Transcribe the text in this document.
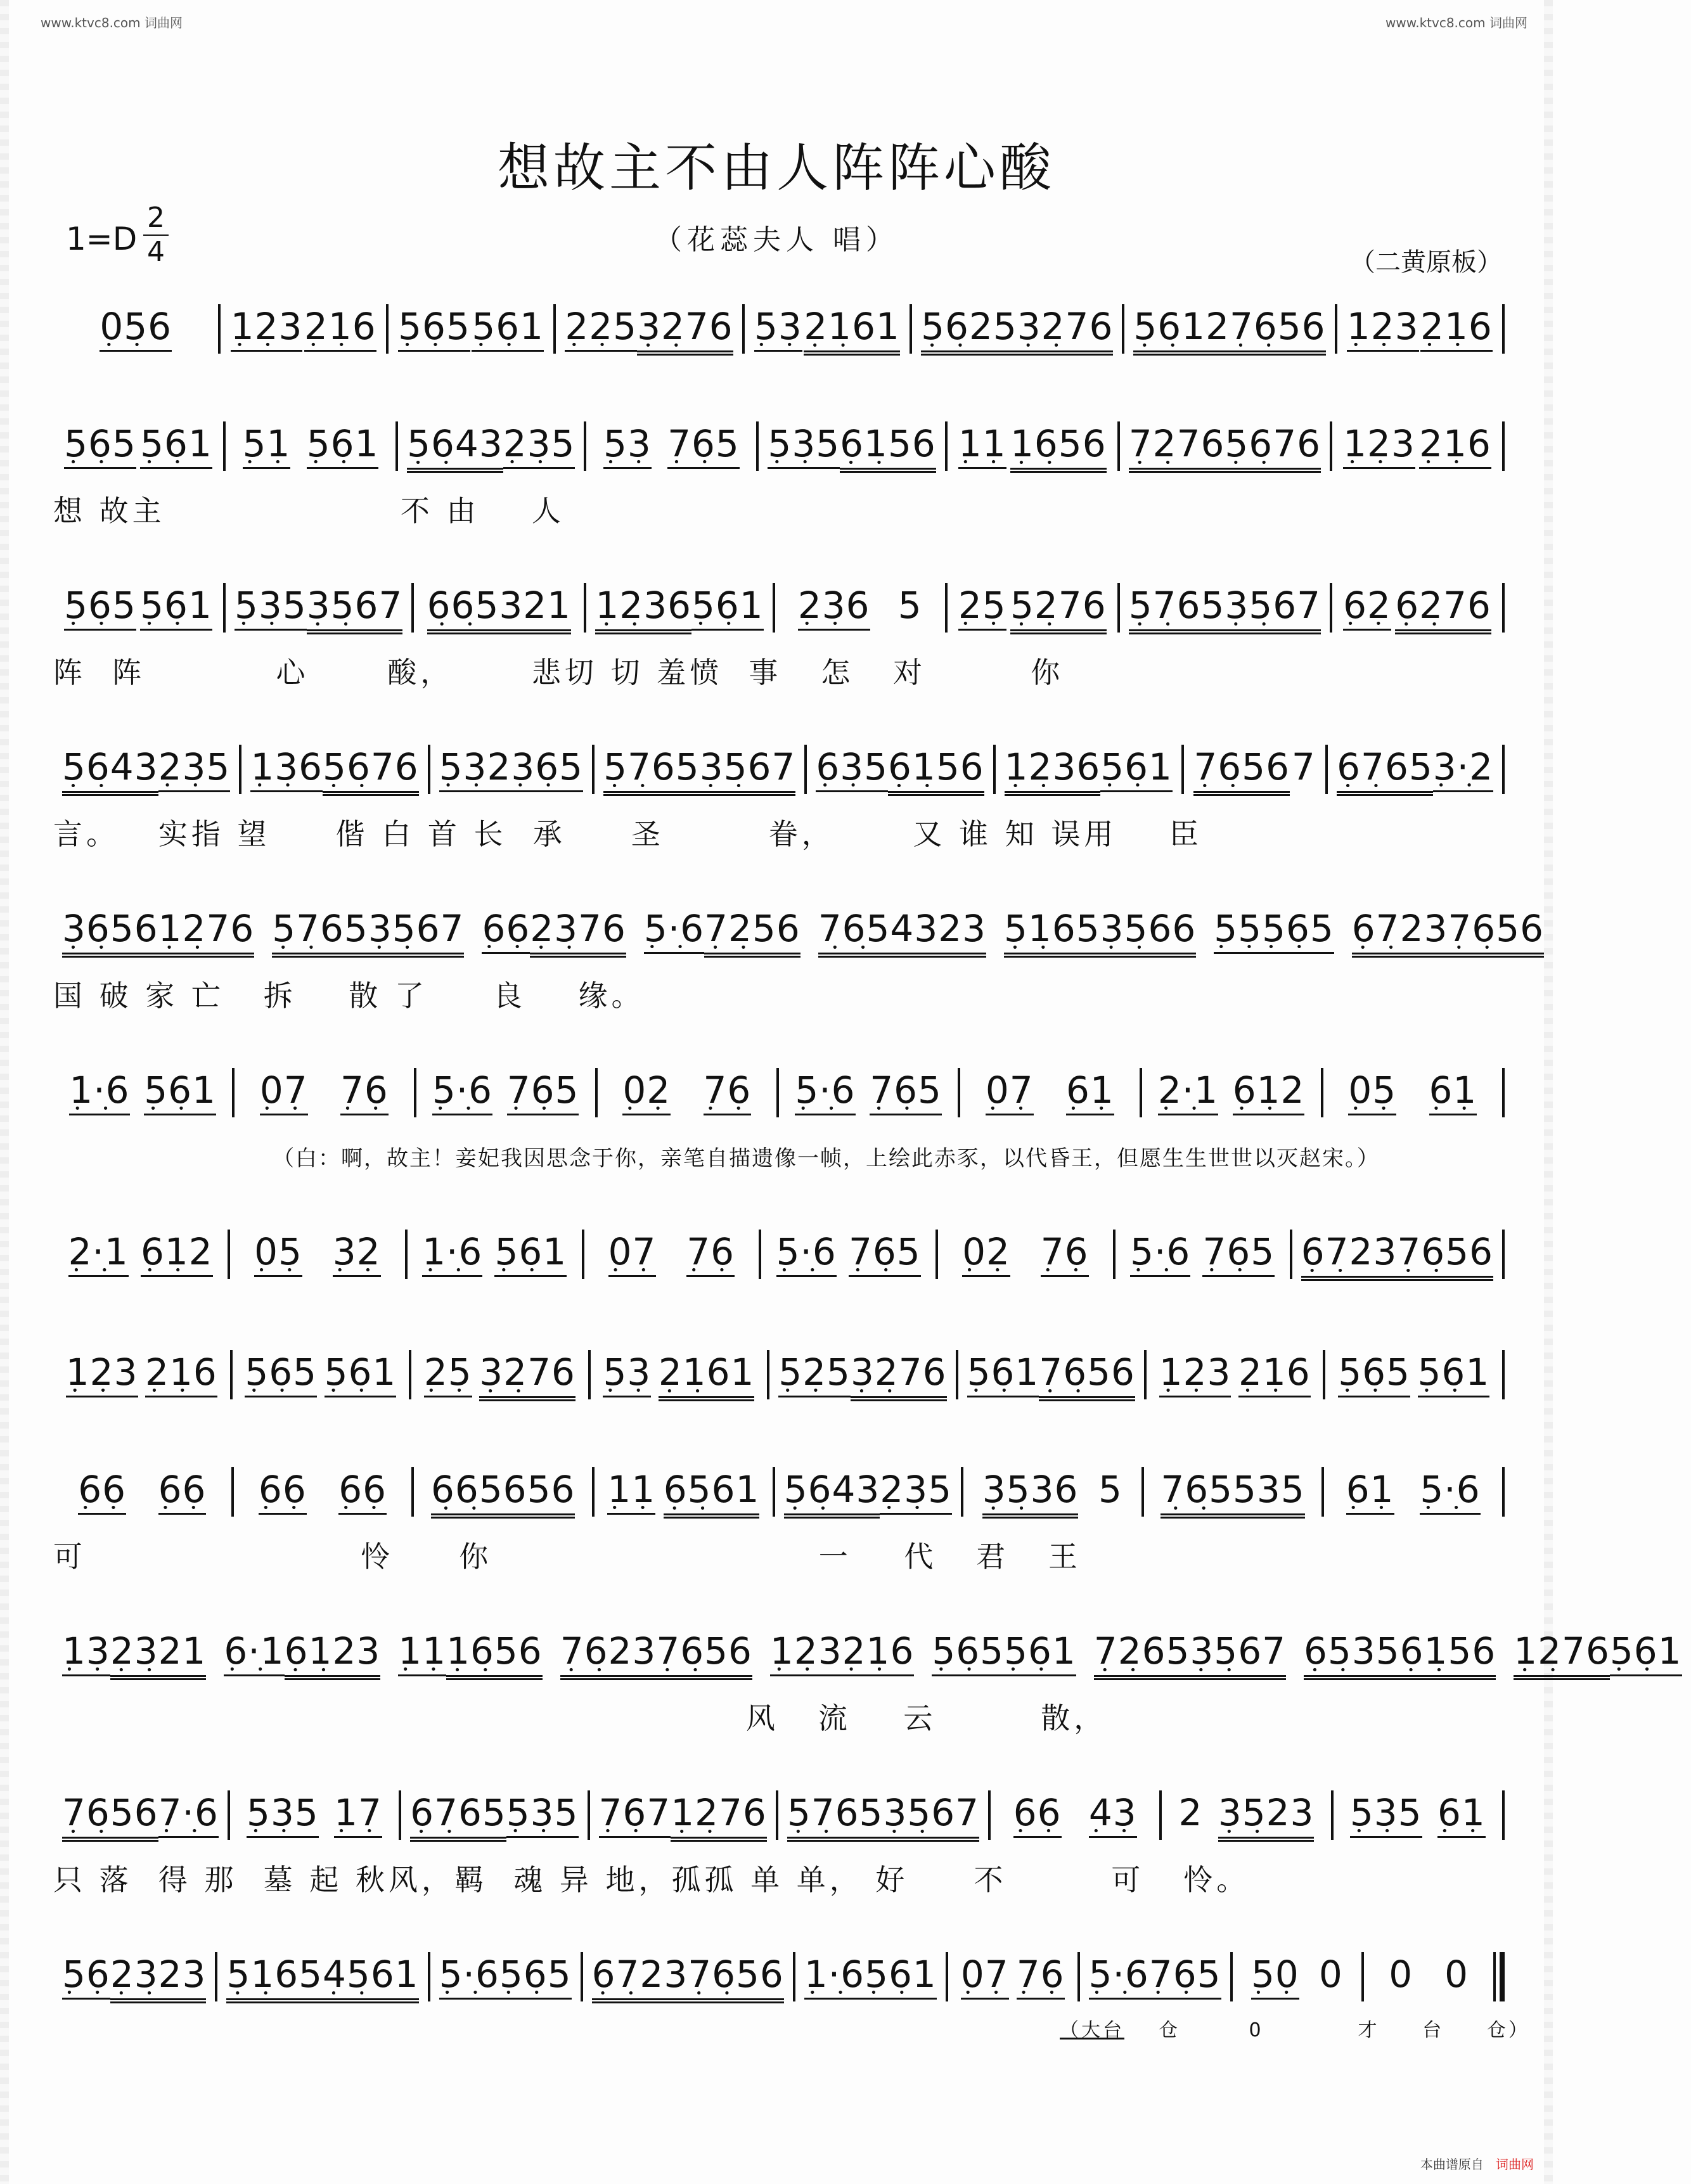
www.ktvc8.com 词曲网	www.ktvc8.com 词曲网
想故主不由人阵阵心酸
（花蕊夫人 唱）
1=D
2
4	（二黄原板）
056 • • 123 • • 216 • • 565 • • 561 • • 225 • • 3276 • • 53 • • 2161 • • 5625 • • 3276 • • 5612 • • 7656 • • 123 • • 216 • •
565 • • 561 • • 51 • • 561 • • 5643 • • 235 • • 53 • • 765 • • 535 • • 6156 • • 11 • • 1656 • • 7276 • • 5676 • • 123 • • 216 • •
565 • • 561 • • 535 • • 3567 • • 665321 • • 1236 • • 561 • • 236 • • 5 25 • • 5276 • • 5765 • • 3567 • • 62 • • 6276 • •
5643 • • 235 • • 136 • • 5676 • • 532 • • 365 • • 5765 • • 3567 • • 635 • • 6156 • • 1236 • • 561 • • 7656 • • 7 6765 • • 3·2 • •
3656 • • 1276 • • 5765 • • 3567 • • 66 • • 2376 • • 5·6 • • 7256 • • 7654323 • • 5165 • • 3566 • • 55 • • 565 • • 6723 • • 7656 • •
1·6 • • 561 • • 07 • • 76 • • 5·6 • • 765 • • 02 • • 76 • • 5·6 • • 765 • • 07 • • 61 • • 2·1 • • 612 • • 05 • • 61 • •
2·1 • • 612 • • 05 • • 32 • • 1·6 • • 561 • • 07 • • 76 • • 5·6 • • 765 • • 02 • • 76 • • 5·6 • • 765 • • 6723 • • 7656 • •
123 • • 216 • • 565 • • 561 • • 25 • • 3276 • • 53 • • 2161 • • 525 • • 3276 • • 561 • • 7656 • • 123 • • 216 • • 565 • • 561 • •
66 • • 66 • • 66 • • 66 • • 665656 • • 11 • • 6561 • • 5643 • • 235 • • 3536 • • 5 765535 • • 61 • • 5·6 • •
13 • • 2321 • • 6·1 • • 6123 • • 11 • • 1656 • • 7623 • • 7656 • • 123 • • 216 • • 565 • • 561 • • 7265 • • 3567 • • 6535 • • 6156 • • 1276 • • 561 • •
7656 • • 7·6 • • 535 • • 17 • • 6765 • • 535 • • 767 • • 1276 • • 5765 • • 3567 • • 66 • • 43 • • 2 3523 • • 535 • • 61 • •
56 • • 2323 • • 5165 • • 4561 • • 5·6 • • 565 • • 6723 • • 7656 • • 1·6 • • 561 • • 07 • • 76 • • 5·6 • • 765 • • 50 • • 0 0 0
想 故主                  不 由    人
阵  阵          心      酸，      悲切 切 羞愤  事   怎   对        你
言。   实指 望     偕 白 首 长  承     圣        眷，      又 谁 知 误用    臣
国 破 家 亡   拆    散 了     良    缘。
可                     怜     你                         一    代   君   王
风   流    云        散，
只 落  得 那  墓 起 秋风，羁  魂 异 地，孤孤 单 单， 好     不        可   怜。
（白：啊，故主！妾妃我因思念于你，亲笔自描遗像一帧，上绘此赤豕，以代昏王，但愿生生世世以灭赵宋。）
（大台 仓	0	才 台 仓）
本曲谱原自 词曲网
